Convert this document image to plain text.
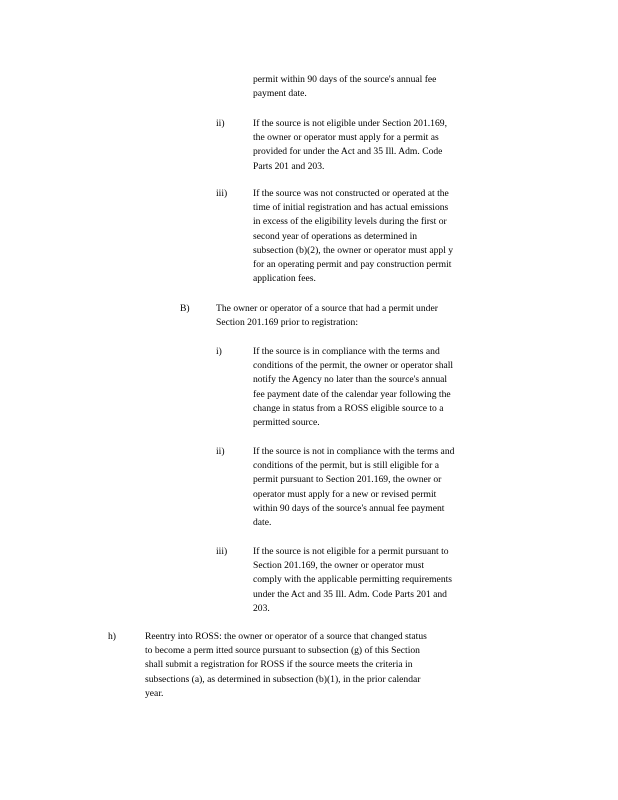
permit within 90 days of the source's annual fee
payment date.
ii)	If the source is not eligible under Section 201.169,
the owner or operator must apply for a permit as
provided for under the Act and 35 Ill. Adm. Code
Parts 201 and 203.
iii)	If the source was not constructed or operated at the
time of initial registration and has actual emissions
in excess of the eligibility levels during the first or
second year of operations as determined in
subsection (b)(2), the owner or operator must appl y
for an operating permit and pay construction permit
application fees.
B)	The owner or operator of a source that had a permit under
Section 201.169 prior to registration:
i)	If the source is in compliance with the terms and
conditions of the permit, the owner or operator shall
notify the Agency no later than the source's annual
fee payment date of the calendar year following the
change in status from a ROSS eligible source to a
permitted source.
ii)	If the source is not in compliance with the terms and
conditions of the permit, but is still eligible for a
permit pursuant to Section 201.169, the owner or
operator must apply for a new or revised permit
within 90 days of the source's annual fee payment
date.
iii)	If the source is not eligible for a permit pursuant to
Section 201.169, the owner or operator must
comply with the applicable permitting requirements
under the Act and 35 Ill. Adm. Code Parts 201 and
203.
h)	Reentry into ROSS: the owner or operator of a source that changed status
to become a perm itted source pursuant to subsection (g) of this Section
shall submit a registration for ROSS if the source meets the criteria in
subsections (a), as determined in subsection (b)(1), in the prior calendar
year.
